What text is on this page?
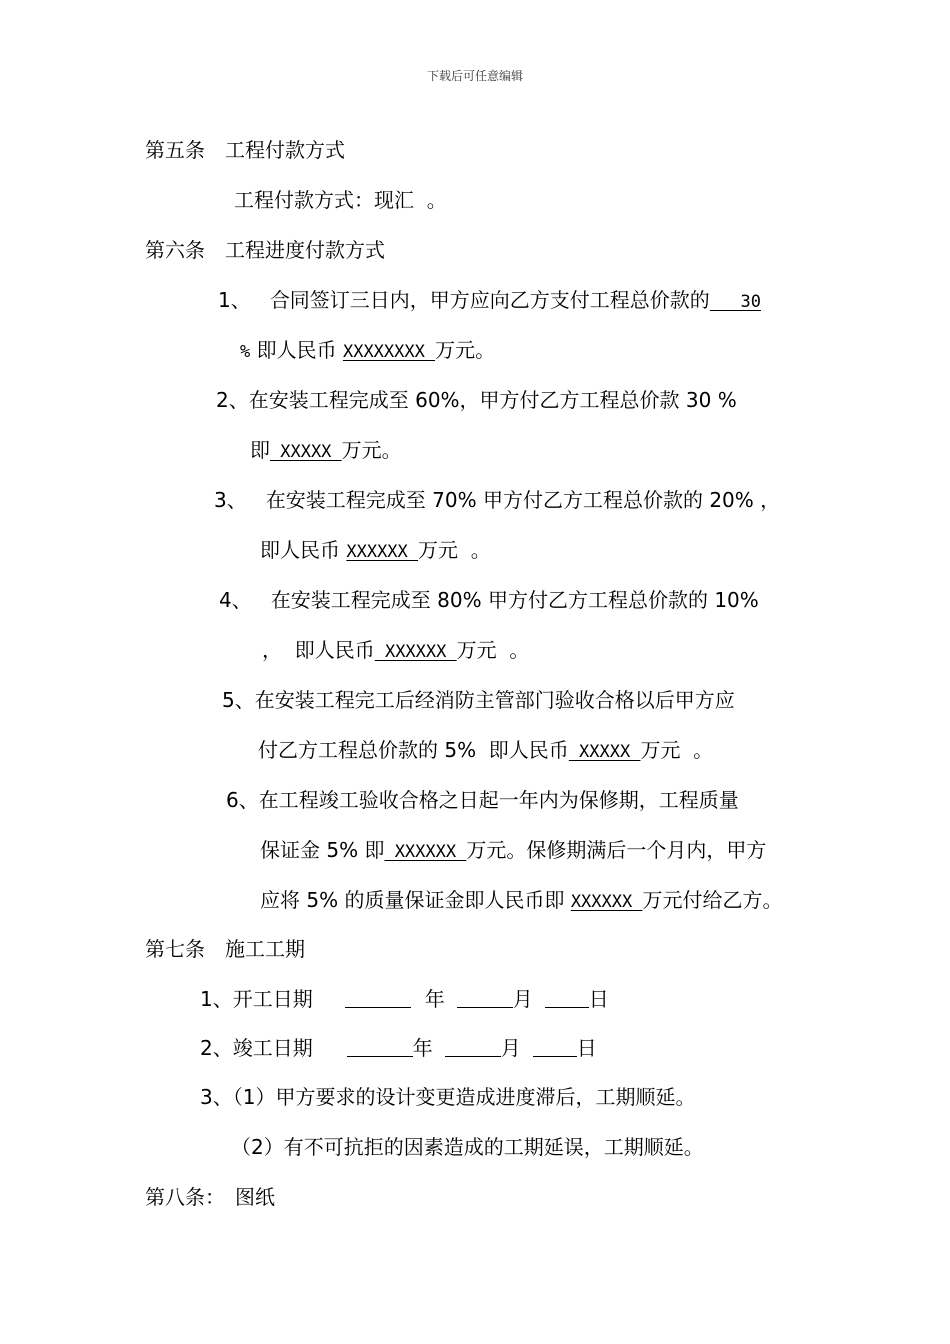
下载后可任意编辑
第五条　工程付款方式
工程付款方式：现汇  。
第六条　工程进度付款方式
1、 合同签订三日内，甲方应向乙方支付工程总价款的   30
% 即人民币 XXXXXXXX 万元。
2、在安装工程完成至 60%，甲方付乙方工程总价款 30 %
即 XXXXX 万元。
3、 在安装工程完成至 70% 甲方付乙方工程总价款的 20% ，
即人民币 XXXXXX 万元  。
4、 在安装工程完成至 80% 甲方付乙方工程总价款的 10%
，  即人民币 XXXXXX 万元  。
5、在安装工程完工后经消防主管部门验收合格以后甲方应
付乙方工程总价款的 5%  即人民币 XXXXX 万元  。
6、在工程竣工验收合格之日起一年内为保修期，工程质量
保证金 5% 即 XXXXXX 万元。保修期满后一个月内，甲方
应将 5% 的质量保证金即人民币即 XXXXXX 万元付给乙方。
第七条　施工工期
1、开工日期	年	月	日
2、竣工日期	年	月	日
3、（1）甲方要求的设计变更造成进度滞后，工期顺延。
（2）有不可抗拒的因素造成的工期延误，工期顺延。
第八条：　图纸
